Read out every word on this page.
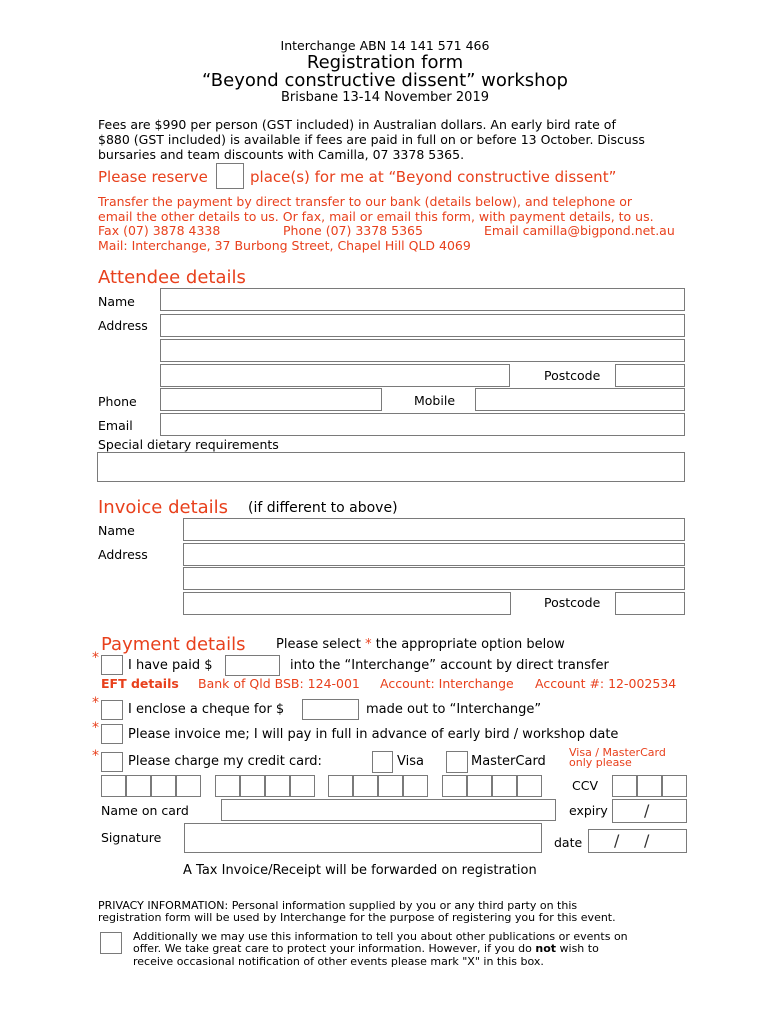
Interchange ABN 14 141 571 466
Registration form
“Beyond constructive dissent” workshop
Brisbane 13-14 November 2019
Fees are $990 per person (GST included) in Australian dollars. An early bird rate of
$880 (GST included) is available if fees are paid in full on or before 13 October. Discuss
bursaries and team discounts with Camilla, 07 3378 5365.
Please reserve	place(s) for me at “Beyond constructive dissent”
Transfer the payment by direct transfer to our bank (details below), and telephone or
email the other details to us. Or fax, mail or email this form, with payment details, to us.
Fax (07) 3878 4338	Phone (07) 3378 5365	Email camilla@bigpond.net.au
Mail: Interchange, 37 Burbong Street, Chapel Hill QLD 4069
Attendee details
Name
Address
Postcode
Phone	Mobile
Email
Special dietary requirements
Invoice details (if different to above)
Name
Address
Postcode
Payment details Please select * the appropriate option below
* I have paid $	into the “Interchange” account by direct transfer
EFT details Bank of Qld BSB: 124-001 Account: Interchange Account #: 12-002534
* I enclose a cheque for $	made out to “Interchange”
* Please invoice me; I will pay in full in advance of early bird / workshop date
* Please charge my credit card:	Visa	MasterCard
Visa / MasterCard
only please
CCV
Name on card	expiry /
Signature	date / /
A Tax Invoice/Receipt will be forwarded on registration
PRIVACY INFORMATION: Personal information supplied by you or any third party on this
registration form will be used by Interchange for the purpose of registering you for this event.
Additionally we may use this information to tell you about other publications or events on
offer. We take great care to protect your information. However, if you do not wish to
receive occasional notification of other events please mark "X" in this box.
